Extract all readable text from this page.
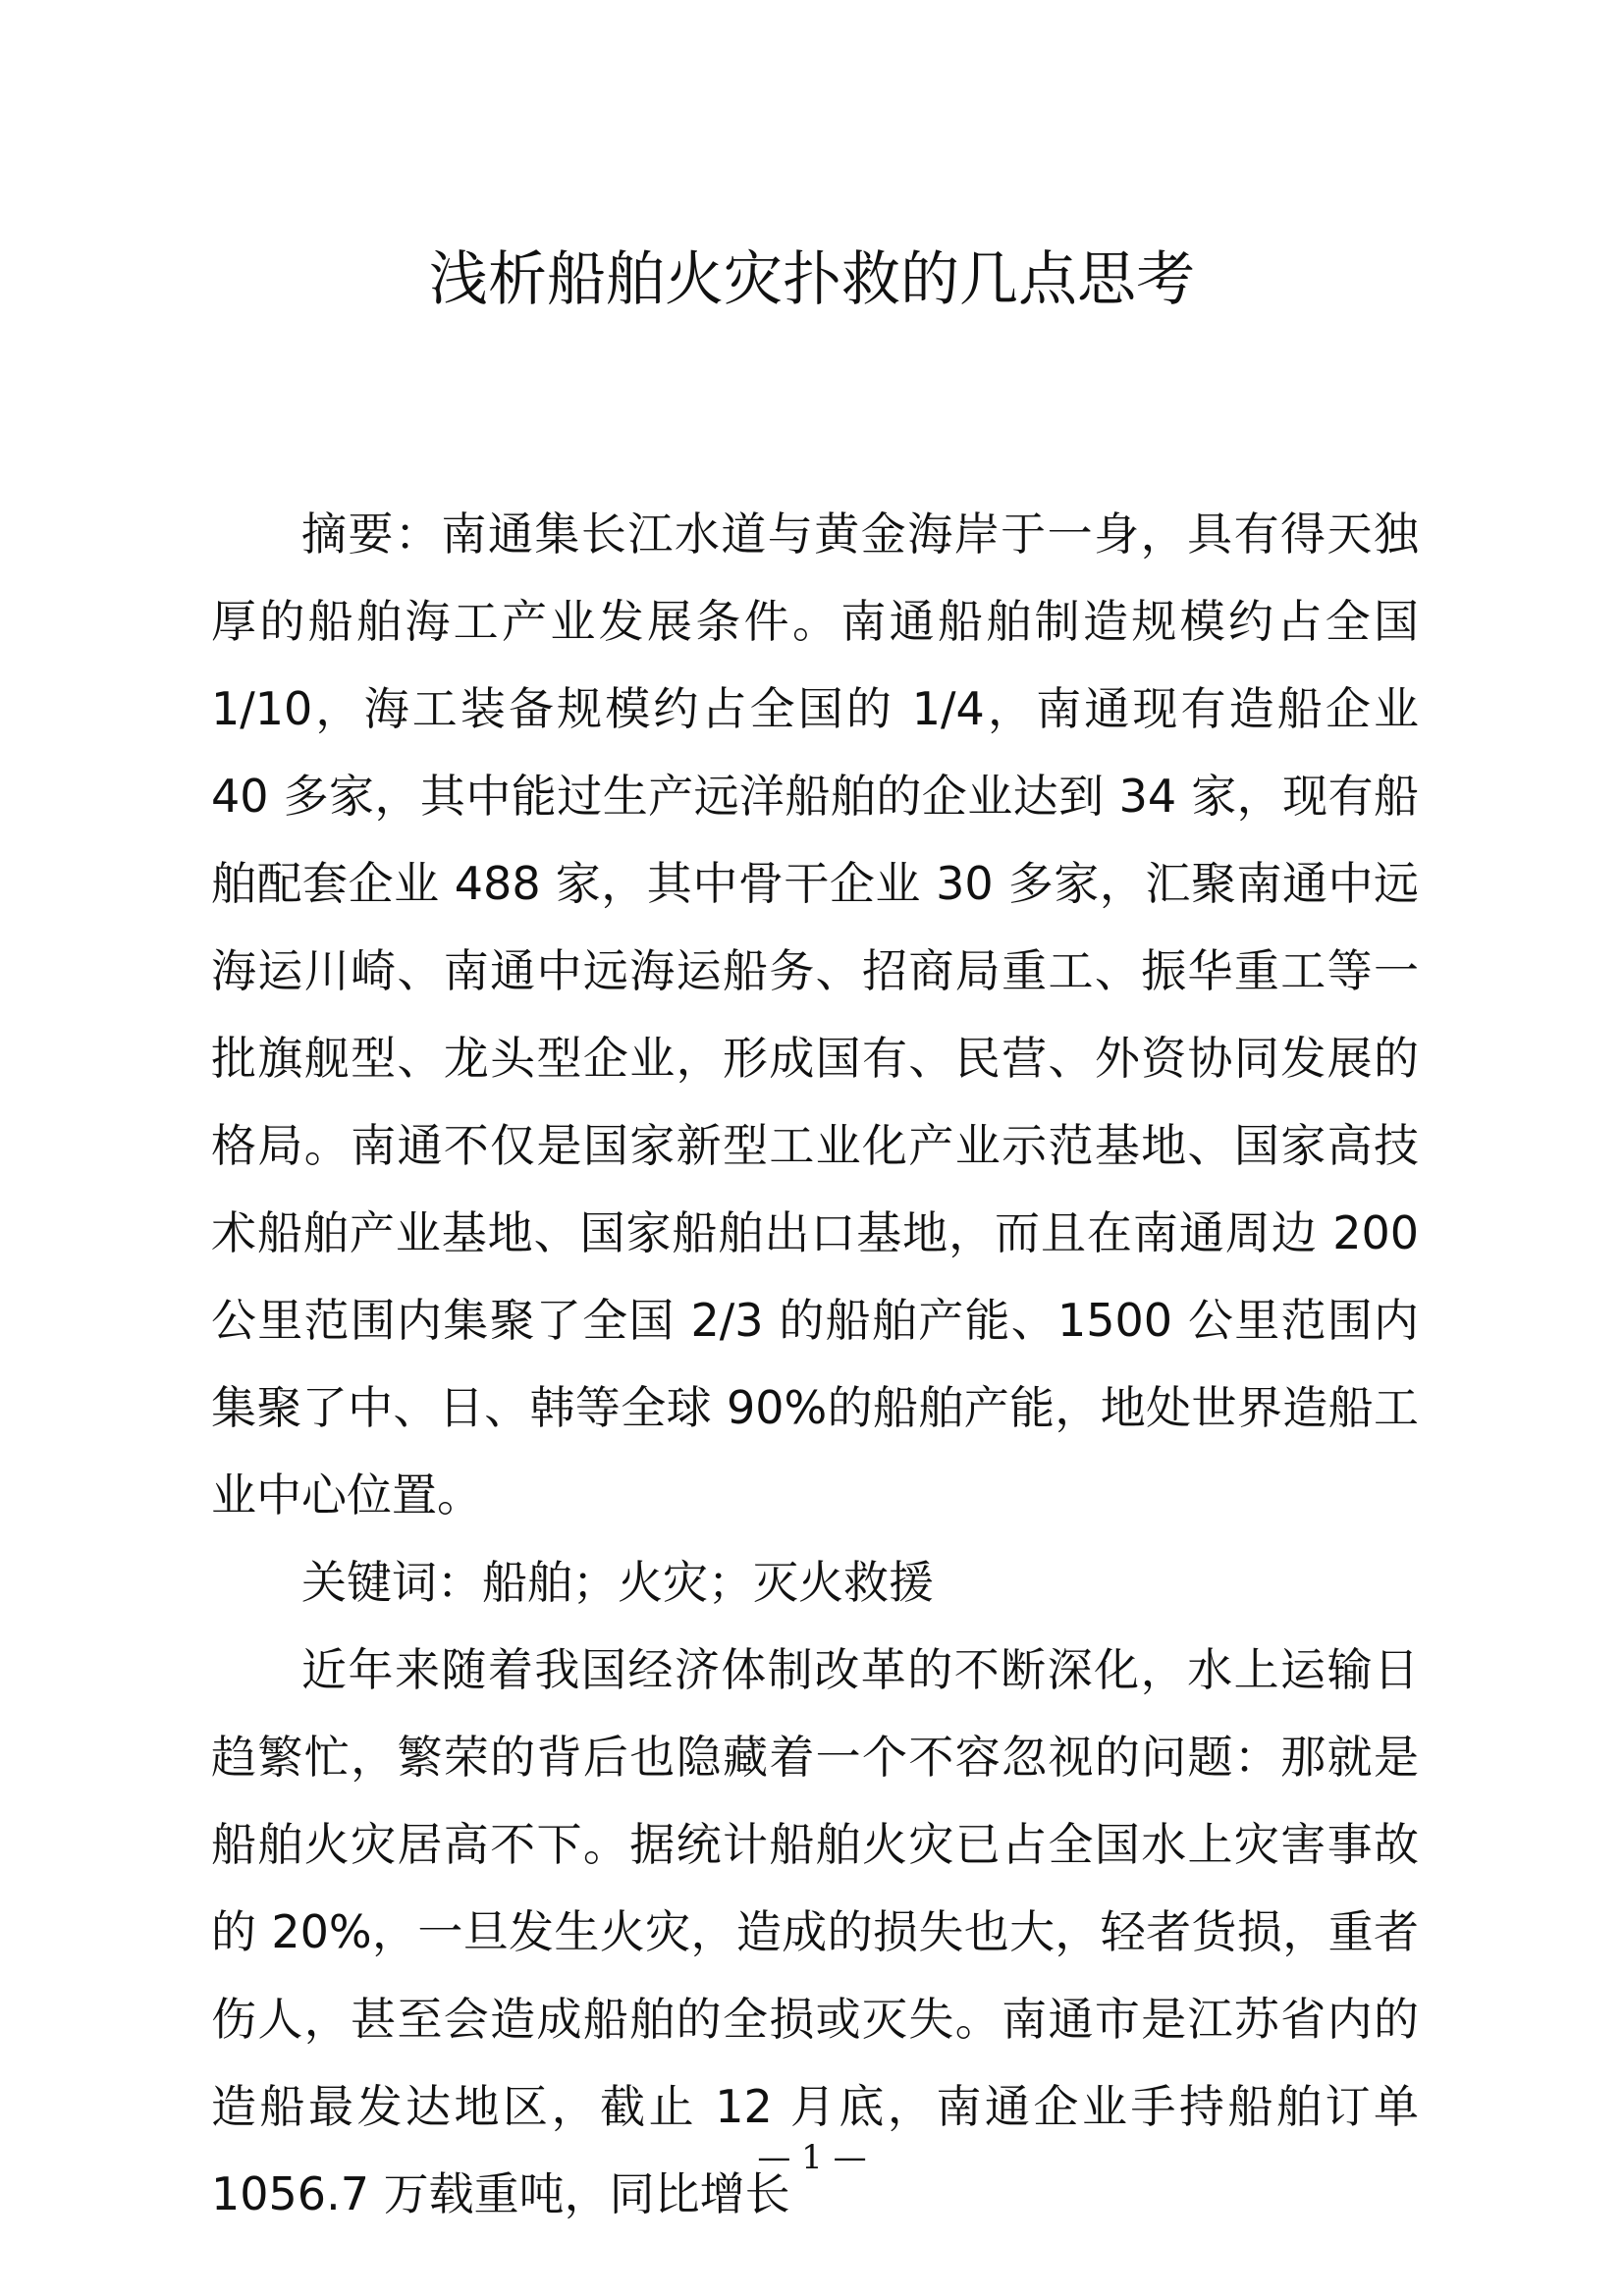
浅析船舶火灾扑救的几点思考

摘要：南通集长江水道与黄金海岸于一身，具有得天独厚的船舶海工产业发展条件。南通船舶制造规模约占全国 1/10，海工装备规模约占全国的 1/4，南通现有造船企业 40 多家，其中能过生产远洋船舶的企业达到 34 家，现有船舶配套企业 488 家，其中骨干企业 30 多家，汇聚南通中远海运川崎、南通中远海运船务、招商局重工、振华重工等一批旗舰型、龙头型企业，形成国有、民营、外资协同发展的格局。南通不仅是国家新型工业化产业示范基地、国家高技术船舶产业基地、国家船舶出口基地，而且在南通周边 200 公里范围内集聚了全国 2/3 的船舶产能、1500 公里范围内集聚了中、日、韩等全球 90%的船舶产能，地处世界造船工业中心位置。

关键词：船舶；火灾；灭火救援

近年来随着我国经济体制改革的不断深化，水上运输日趋繁忙，繁荣的背后也隐藏着一个不容忽视的问题：那就是船舶火灾居高不下。据统计船舶火灾已占全国水上灾害事故的 20%，一旦发生火灾，造成的损失也大，轻者货损，重者伤人，甚至会造成船舶的全损或灭失。南通市是江苏省内的造船最发达地区，截止 12 月底，南通企业手持船舶订单 1056.7 万载重吨，同比增长

— 1 —
